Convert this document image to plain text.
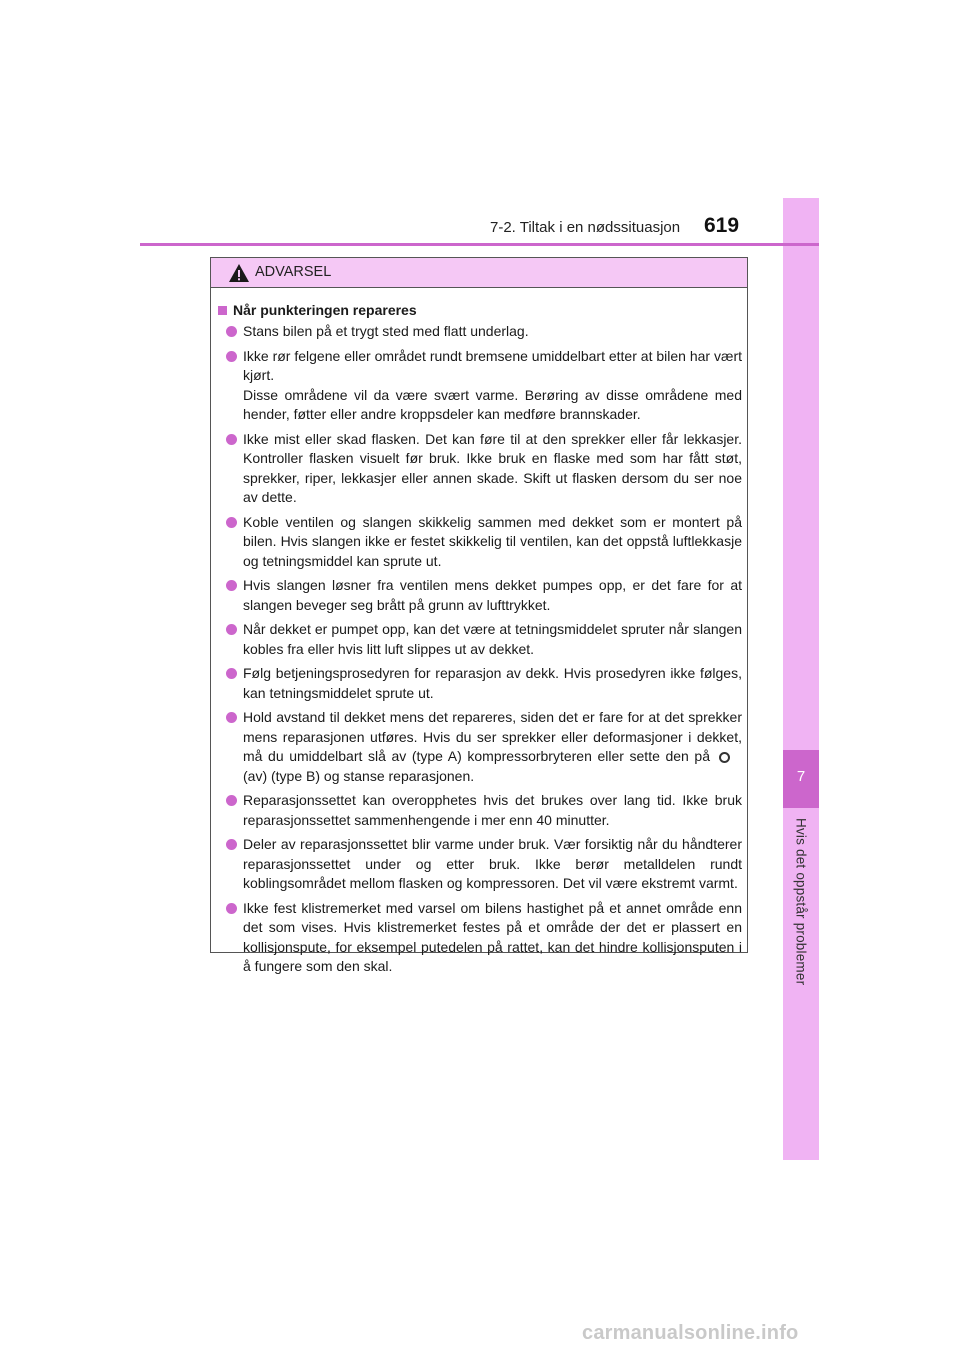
7
Hvis det oppstår problemer
7-2. Tiltak i en nødssituasjon	619
ADVARSEL
Når punkteringen repareres

Stans bilen på et trygt sted med flatt underlag.

Ikke rør felgene eller området rundt bremsene umiddelbart etter at bilen har vært kjørt.

Disse områdene vil da være svært varme. Berøring av disse områdene med hender, føtter eller andre kroppsdeler kan medføre brannskader.

Ikke mist eller skad flasken. Det kan føre til at den sprekker eller får lekkasjer. Kontroller flasken visuelt før bruk. Ikke bruk en flaske med som har fått støt, sprekker, riper, lekkasjer eller annen skade. Skift ut flasken dersom du ser noe av dette.

Koble ventilen og slangen skikkelig sammen med dekket som er montert på bilen. Hvis slangen ikke er festet skikkelig til ventilen, kan det oppstå luftlekkasje og tetningsmiddel kan sprute ut.

Hvis slangen løsner fra ventilen mens dekket pumpes opp, er det fare for at slangen beveger seg brått på grunn av lufttrykket.

Når dekket er pumpet opp, kan det være at tetningsmiddelet spruter når slangen kobles fra eller hvis litt luft slippes ut av dekket.

Følg betjeningsprosedyren for reparasjon av dekk. Hvis prosedyren ikke følges, kan tetningsmiddelet sprute ut.

Hold avstand til dekket mens det repareres, siden det er fare for at det sprekker mens reparasjonen utføres. Hvis du ser sprekker eller deformasjoner i dekket, må du umiddelbart slå av (type A) kompressorbryteren eller sette den på(av) (type B) og stanse reparasjonen.

Reparasjonssettet kan overopphetes hvis det brukes over lang tid. Ikke bruk reparasjonssettet sammenhengende i mer enn 40 minutter.

Deler av reparasjonssettet blir varme under bruk. Vær forsiktig når du håndterer reparasjonssettet under og etter bruk. Ikke berør metalldelen rundt koblingsområdet mellom flasken og kompressoren. Det vil være ekstremt varmt.

Ikke fest klistremerket med varsel om bilens hastighet på et annet område enn det som vises. Hvis klistremerket festes på et område der det er plassert en kollisjonspute, for eksempel putedelen på rattet, kan det hindre kollisjonsputen i å fungere som den skal.

carmanualsonline.info
